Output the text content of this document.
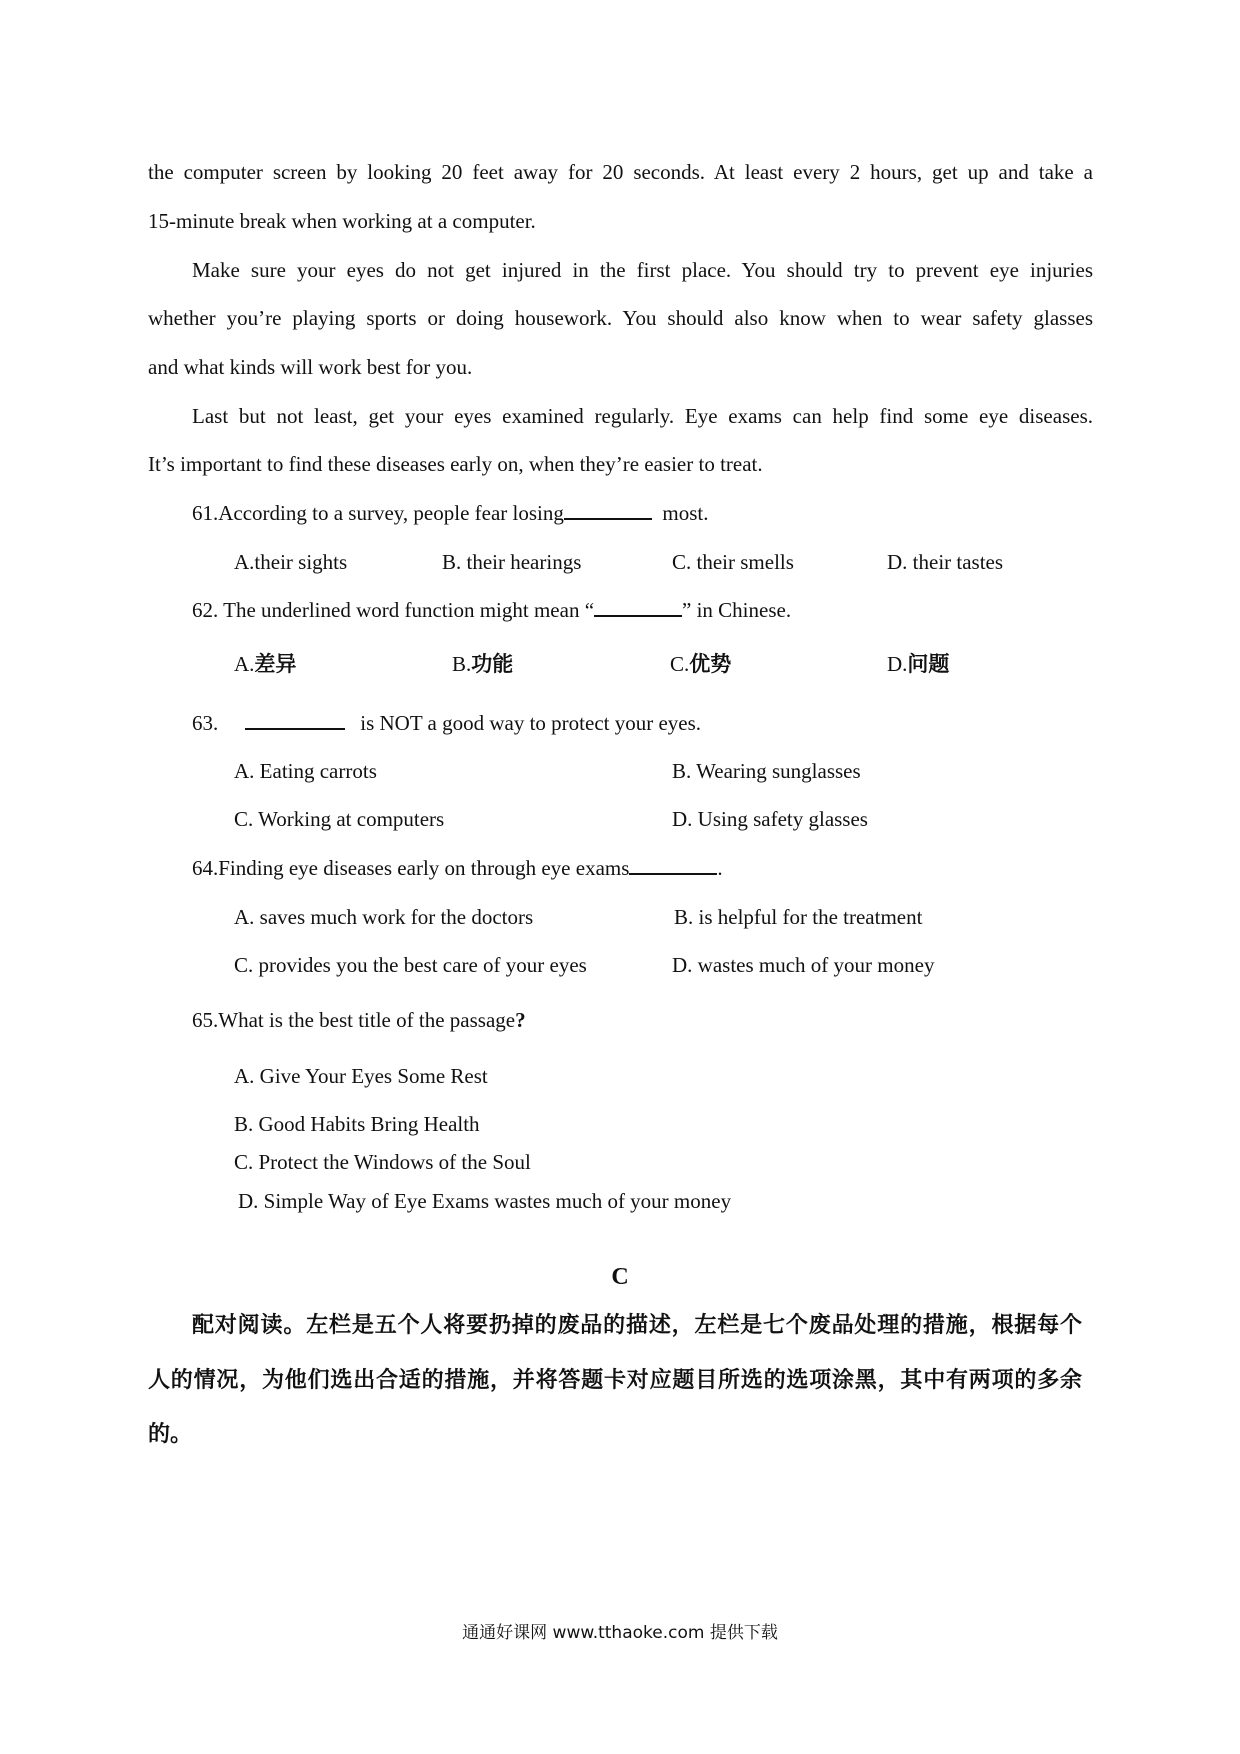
the computer screen by looking 20 feet away for 20 seconds. At least every 2 hours, get up and take a
15-minute break when working at a computer.
Make sure your eyes do not get injured in the first place. You should try to prevent eye injuries
whether you’re playing sports or doing housework. You should also know when to wear safety glasses
and what kinds will work best for you.
Last but not least, get your eyes examined regularly. Eye exams can help find some eye diseases.
It’s important to find these diseases early on, when they’re easier to treat.
61.According to a survey, people fear losing	most.
A.their sights	B. their hearings	C. their smells	D. their tastes
62. The underlined word function might mean “	” in Chinese.
A.差异	B.功能	C.优势	D.问题
63.	is NOT a good way to protect your eyes.
A. Eating carrots	B. Wearing sunglasses
C. Working at computers	D. Using safety glasses
64.Finding eye diseases early on through eye exams	.
A. saves much work for the doctors	B. is helpful for the treatment
C. provides you the best care of your eyes	D. wastes much of your money
65.What is the best title of the passage?
A. Give Your Eyes Some Rest
B. Good Habits Bring Health
C. Protect the Windows of the Soul
D. Simple Way of Eye Exams wastes much of your money
C
配对阅读。左栏是五个人将要扔掉的废品的描述，左栏是七个废品处理的措施，根据每个
人的情况，为他们选出合适的措施，并将答题卡对应题目所选的选项涂黑，其中有两项的多余
的。
通通好课网 www.tthaoke.com 提供下载
